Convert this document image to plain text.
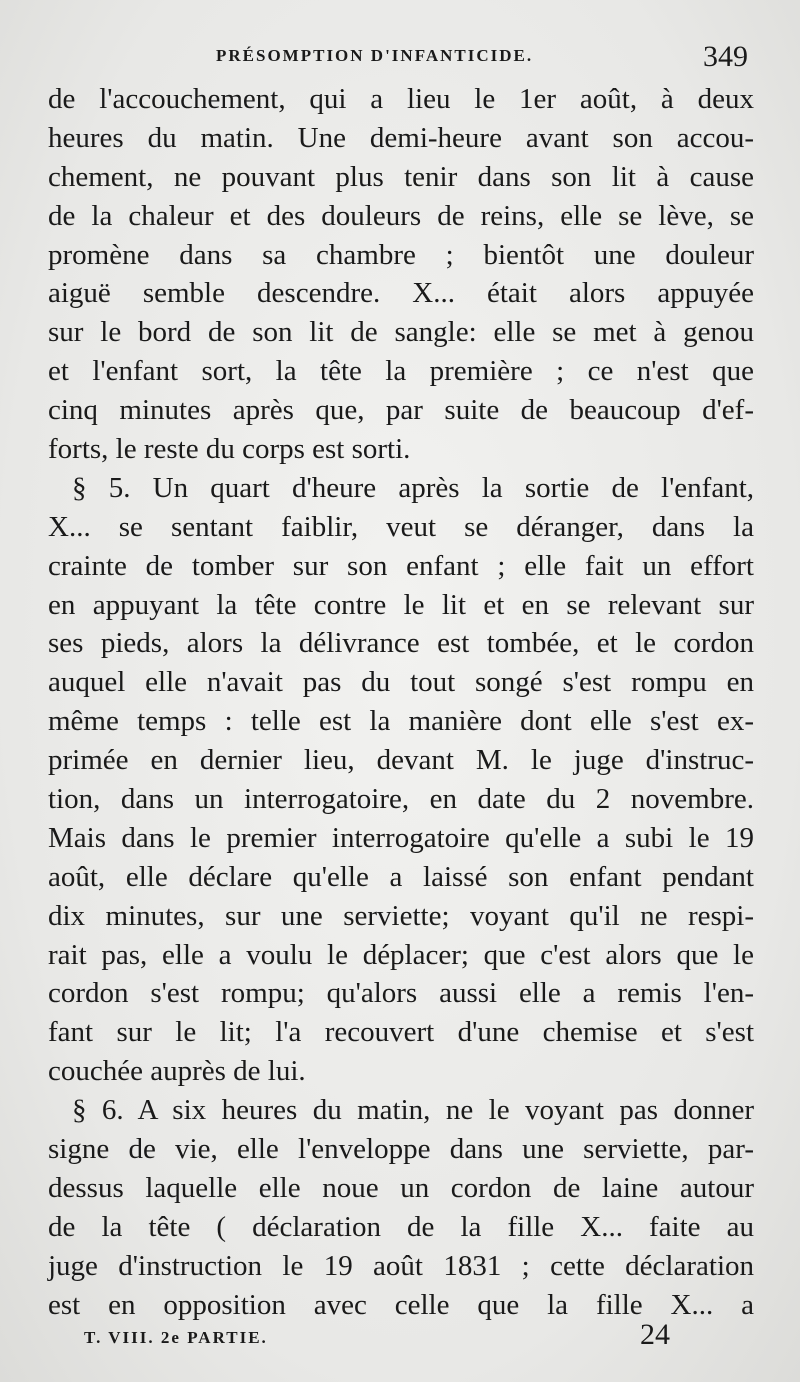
PRÉSOMPTION D'INFANTICIDE.	349
de l'accouchement, qui a lieu le 1er août, à deux
heures du matin. Une demi-heure avant son accou-
chement, ne pouvant plus tenir dans son lit à cause
de la chaleur et des douleurs de reins, elle se lève, se
promène dans sa chambre ; bientôt une douleur
aiguë semble descendre. X... était alors appuyée
sur le bord de son lit de sangle: elle se met à genou
et l'enfant sort, la tête la première ; ce n'est que
cinq minutes après que, par suite de beaucoup d'ef-
forts, le reste du corps est sorti.
§ 5. Un quart d'heure après la sortie de l'enfant,
X... se sentant faiblir, veut se déranger, dans la
crainte de tomber sur son enfant ; elle fait un effort
en appuyant la tête contre le lit et en se relevant sur
ses pieds, alors la délivrance est tombée, et le cordon
auquel elle n'avait pas du tout songé s'est rompu en
même temps : telle est la manière dont elle s'est ex-
primée en dernier lieu, devant M. le juge d'instruc-
tion, dans un interrogatoire, en date du 2 novembre.
Mais dans le premier interrogatoire qu'elle a subi le 19
août, elle déclare qu'elle a laissé son enfant pendant
dix minutes, sur une serviette; voyant qu'il ne respi-
rait pas, elle a voulu le déplacer; que c'est alors que le
cordon s'est rompu; qu'alors aussi elle a remis l'en-
fant sur le lit; l'a recouvert d'une chemise et s'est
couchée auprès de lui.
§ 6. A six heures du matin, ne le voyant pas donner
signe de vie, elle l'enveloppe dans une serviette, par-
dessus laquelle elle noue un cordon de laine autour
de la tête ( déclaration de la fille X... faite au
juge d'instruction le 19 août 1831 ; cette déclaration
est en opposition avec celle que la fille X... a
T. VIII. 2e PARTIE.	24
